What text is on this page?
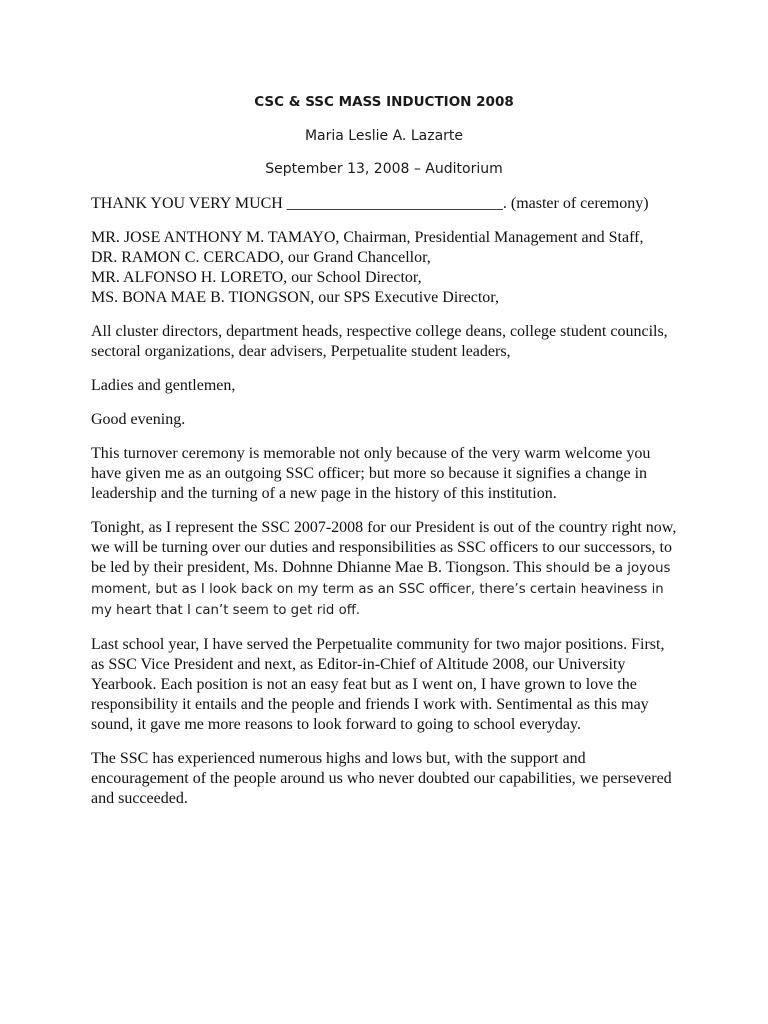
CSC & SSC MASS INDUCTION 2008
Maria Leslie A. Lazarte
September 13, 2008 – Auditorium

THANK YOU VERY MUCH ___________________________. (master of ceremony)

MR. JOSE ANTHONY M. TAMAYO, Chairman, Presidential Management and Staff,
DR. RAMON C. CERCADO, our Grand Chancellor,
MR. ALFONSO H. LORETO, our School Director,
MS. BONA MAE B. TIONGSON, our SPS Executive Director,

All cluster directors, department heads, respective college deans, college student councils, sectoral organizations, dear advisers, Perpetualite student leaders,

Ladies and gentlemen,

Good evening.

This turnover ceremony is memorable not only because of the very warm welcome you have given me as an outgoing SSC officer; but more so because it signifies a change in leadership and the turning of a new page in the history of this institution.

Tonight, as I represent the SSC 2007-2008 for our President is out of the country right now, we will be turning over our duties and responsibilities as SSC officers to our successors, to be led by their president, Ms. Dohnne Dhianne Mae B. Tiongson. This should be a joyous moment, but as I look back on my term as an SSC officer, there’s certain heaviness in my heart that I can’t seem to get rid off.

Last school year, I have served the Perpetualite community for two major positions. First, as SSC Vice President and next, as Editor-in-Chief of Altitude 2008, our University Yearbook. Each position is not an easy feat but as I went on, I have grown to love the responsibility it entails and the people and friends I work with. Sentimental as this may sound, it gave me more reasons to look forward to going to school everyday.

The SSC has experienced numerous highs and lows but, with the support and encouragement of the people around us who never doubted our capabilities, we persevered and succeeded.
